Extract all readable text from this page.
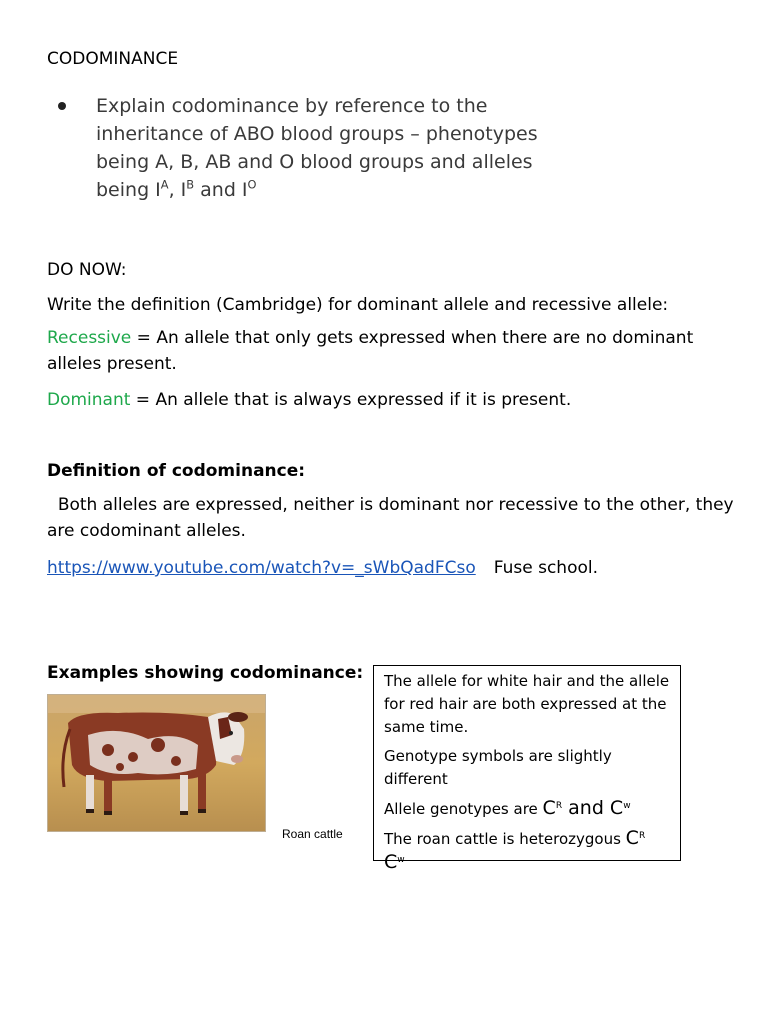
CODOMINANCE
Explain codominance by reference to the
inheritance of ABO blood groups – phenotypes
being A, B, AB and O blood groups and alleles
being $I^A$, $I^B$ and $I^O$
DO NOW:
Write the definition (Cambridge) for dominant allele and recessive allele:
Recessive = An allele that only gets expressed when there are no dominant alleles present.
Dominant = An allele that is always expressed if it is present.
Definition of codominance:
Both alleles are expressed, neither is dominant nor recessive to the other, they are codominant alleles.
https://www.youtube.com/watch?v=_sWbQadFCso Fuse school.
Examples showing codominance:
Roan cattle

The allele for white hair and the allele for red hair are both expressed at the same time.

Genotype symbols are slightly different

Allele genotypes are $C^R$ and $C^w$

The roan cattle is heterozygous $C^R$ $C^w$
